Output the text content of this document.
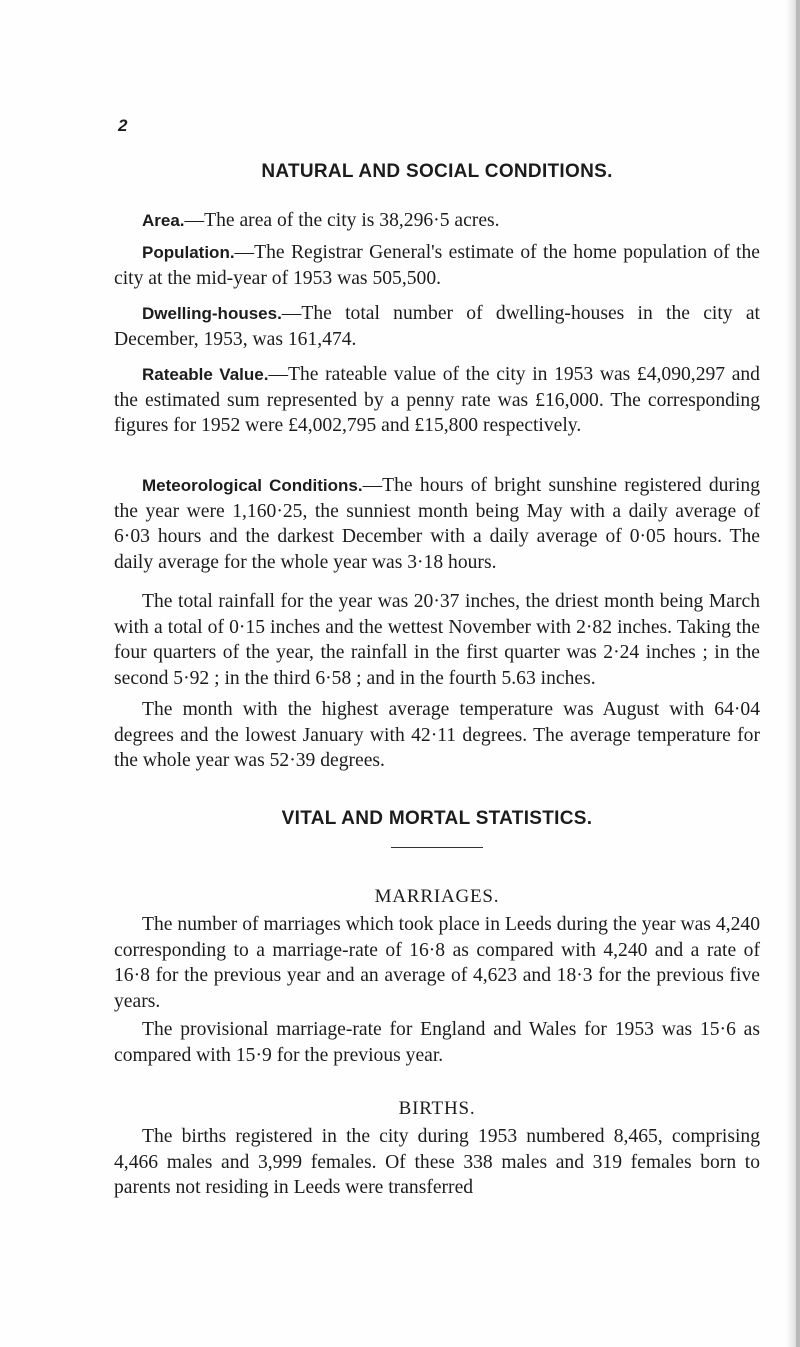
2
NATURAL AND SOCIAL CONDITIONS.
Area.—The area of the city is 38,296·5 acres.
Population.—The Registrar General's estimate of the home population of the city at the mid-year of 1953 was 505,500.
Dwelling-houses.—The total number of dwelling-houses in the city at December, 1953, was 161,474.
Rateable Value.—The rateable value of the city in 1953 was £4,090,297 and the estimated sum represented by a penny rate was £16,000. The corresponding figures for 1952 were £4,002,795 and £15,800 respectively.
Meteorological Conditions.—The hours of bright sunshine registered during the year were 1,160·25, the sunniest month being May with a daily average of 6·03 hours and the darkest December with a daily average of 0·05 hours. The daily average for the whole year was 3·18 hours.
The total rainfall for the year was 20·37 inches, the driest month being March with a total of 0·15 inches and the wettest November with 2·82 inches. Taking the four quarters of the year, the rainfall in the first quarter was 2·24 inches ; in the second 5·92 ; in the third 6·58 ; and in the fourth 5.63 inches.
The month with the highest average temperature was August with 64·04 degrees and the lowest January with 42·11 degrees. The average temperature for the whole year was 52·39 degrees.
VITAL AND MORTAL STATISTICS.
MARRIAGES.
The number of marriages which took place in Leeds during the year was 4,240 corresponding to a marriage-rate of 16·8 as compared with 4,240 and a rate of 16·8 for the previous year and an average of 4,623 and 18·3 for the previous five years.
The provisional marriage-rate for England and Wales for 1953 was 15·6 as compared with 15·9 for the previous year.
BIRTHS.
The births registered in the city during 1953 numbered 8,465, comprising 4,466 males and 3,999 females. Of these 338 males and 319 females born to parents not residing in Leeds were transferred
